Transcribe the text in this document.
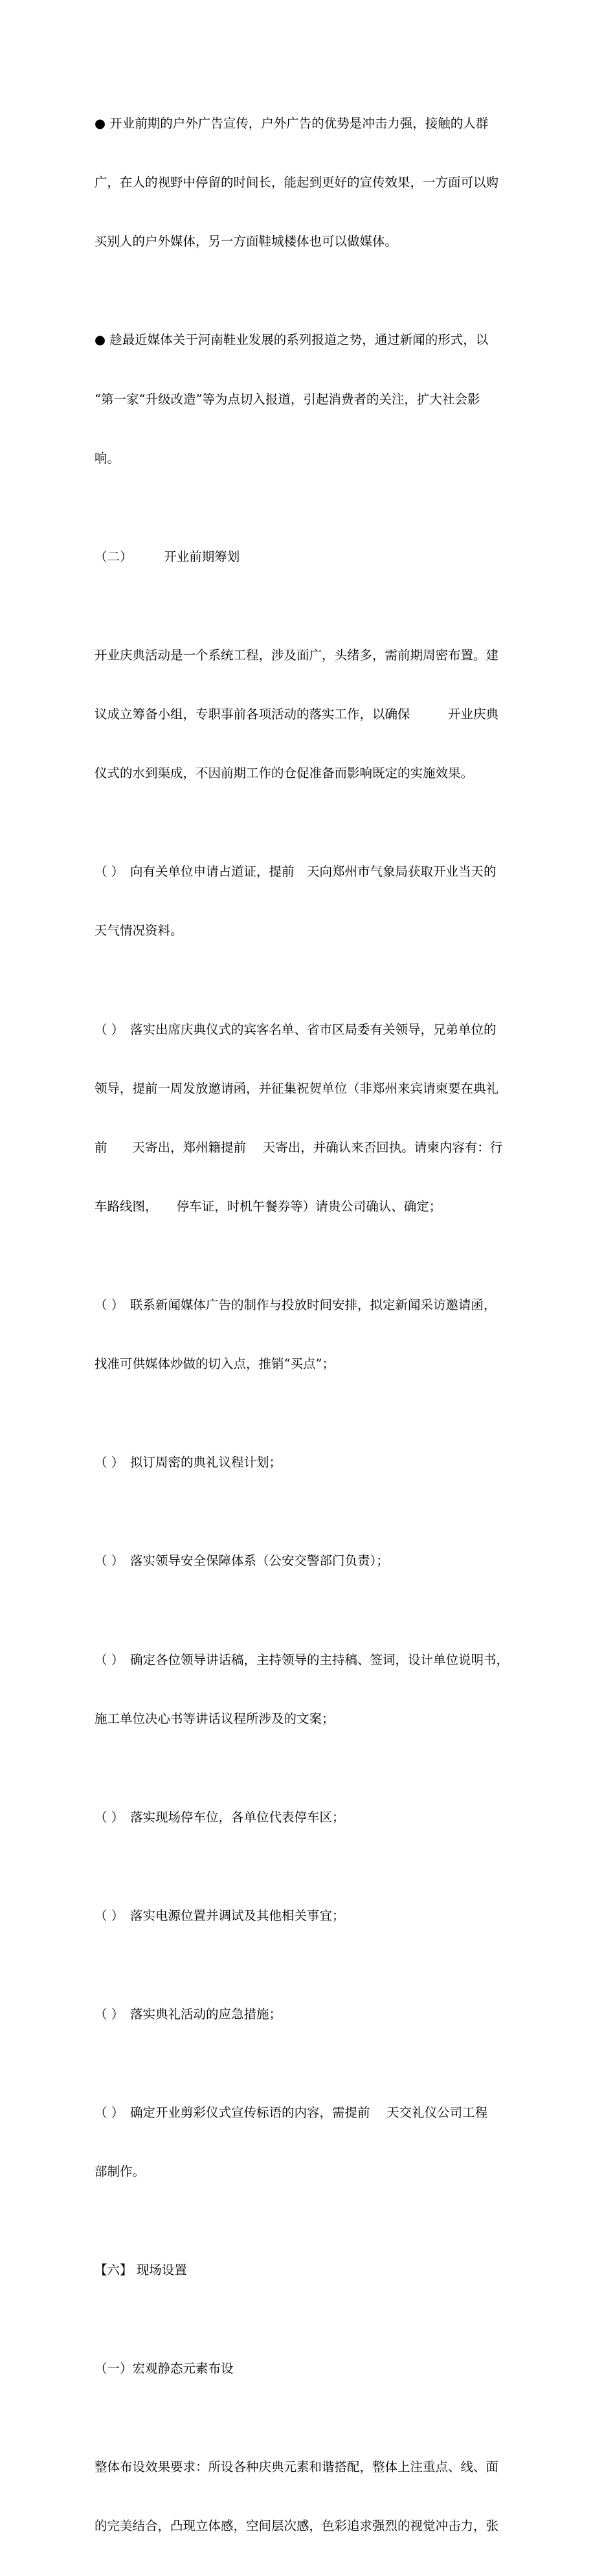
● 开业前期的户外广告宣传，户外广告的优势是冲击力强，接触的人群

广，在人的视野中停留的时间长，能起到更好的宣传效果，一方面可以购

买别人的户外媒体，另一方面鞋城楼体也可以做媒体。

● 趁最近媒体关于河南鞋业发展的系列报道之势，通过新闻的形式，以

“第一家“升级改造”等为点切入报道，引起消费者的关注，扩大社会影

响。

（二）　　　开业前期筹划

开业庆典活动是一个系统工程，涉及面广，头绪多，需前期周密布置。建

议成立筹备小组，专职事前各项活动的落实工作，以确保　　　开业庆典

仪式的水到渠成，不因前期工作的仓促准备而影响既定的实施效果。

（ ）　向有关单位申请占道证，提前　天向郑州市气象局获取开业当天的

天气情况资料。

（ ）　落实出席庆典仪式的宾客名单、省市区局委有关领导，兄弟单位的

领导，提前一周发放邀请函，并征集祝贺单位（非郑州来宾请柬要在典礼

前　　天寄出，郑州籍提前　 天寄出，并确认来否回执。请柬内容有：行

车路线图，　　停车证，时机午餐券等）请贵公司确认、确定；

（ ）　联系新闻媒体广告的制作与投放时间安排，拟定新闻采访邀请函，

找准可供媒体炒做的切入点，推销“买点”；

（ ）　拟订周密的典礼议程计划；

（ ）　落实领导安全保障体系（公安交警部门负责）；

（ ）　确定各位领导讲话稿，主持领导的主持稿、签词，设计单位说明书，

施工单位决心书等讲话议程所涉及的文案；

（ ）　落实现场停车位，各单位代表停车区；

（ ）　落实电源位置并调试及其他相关事宜；

（ ）　落实典礼活动的应急措施；

（ ）　确定开业剪彩仪式宣传标语的内容，需提前　 天交礼仪公司工程

部制作。

【六】 现场设置

（一）宏观静态元素布设

整体布设效果要求：所设各种庆典元素和谐搭配，整体上注重点、线、面

的完美结合，凸现立体感，空间层次感，色彩追求强烈的视觉冲击力，张
